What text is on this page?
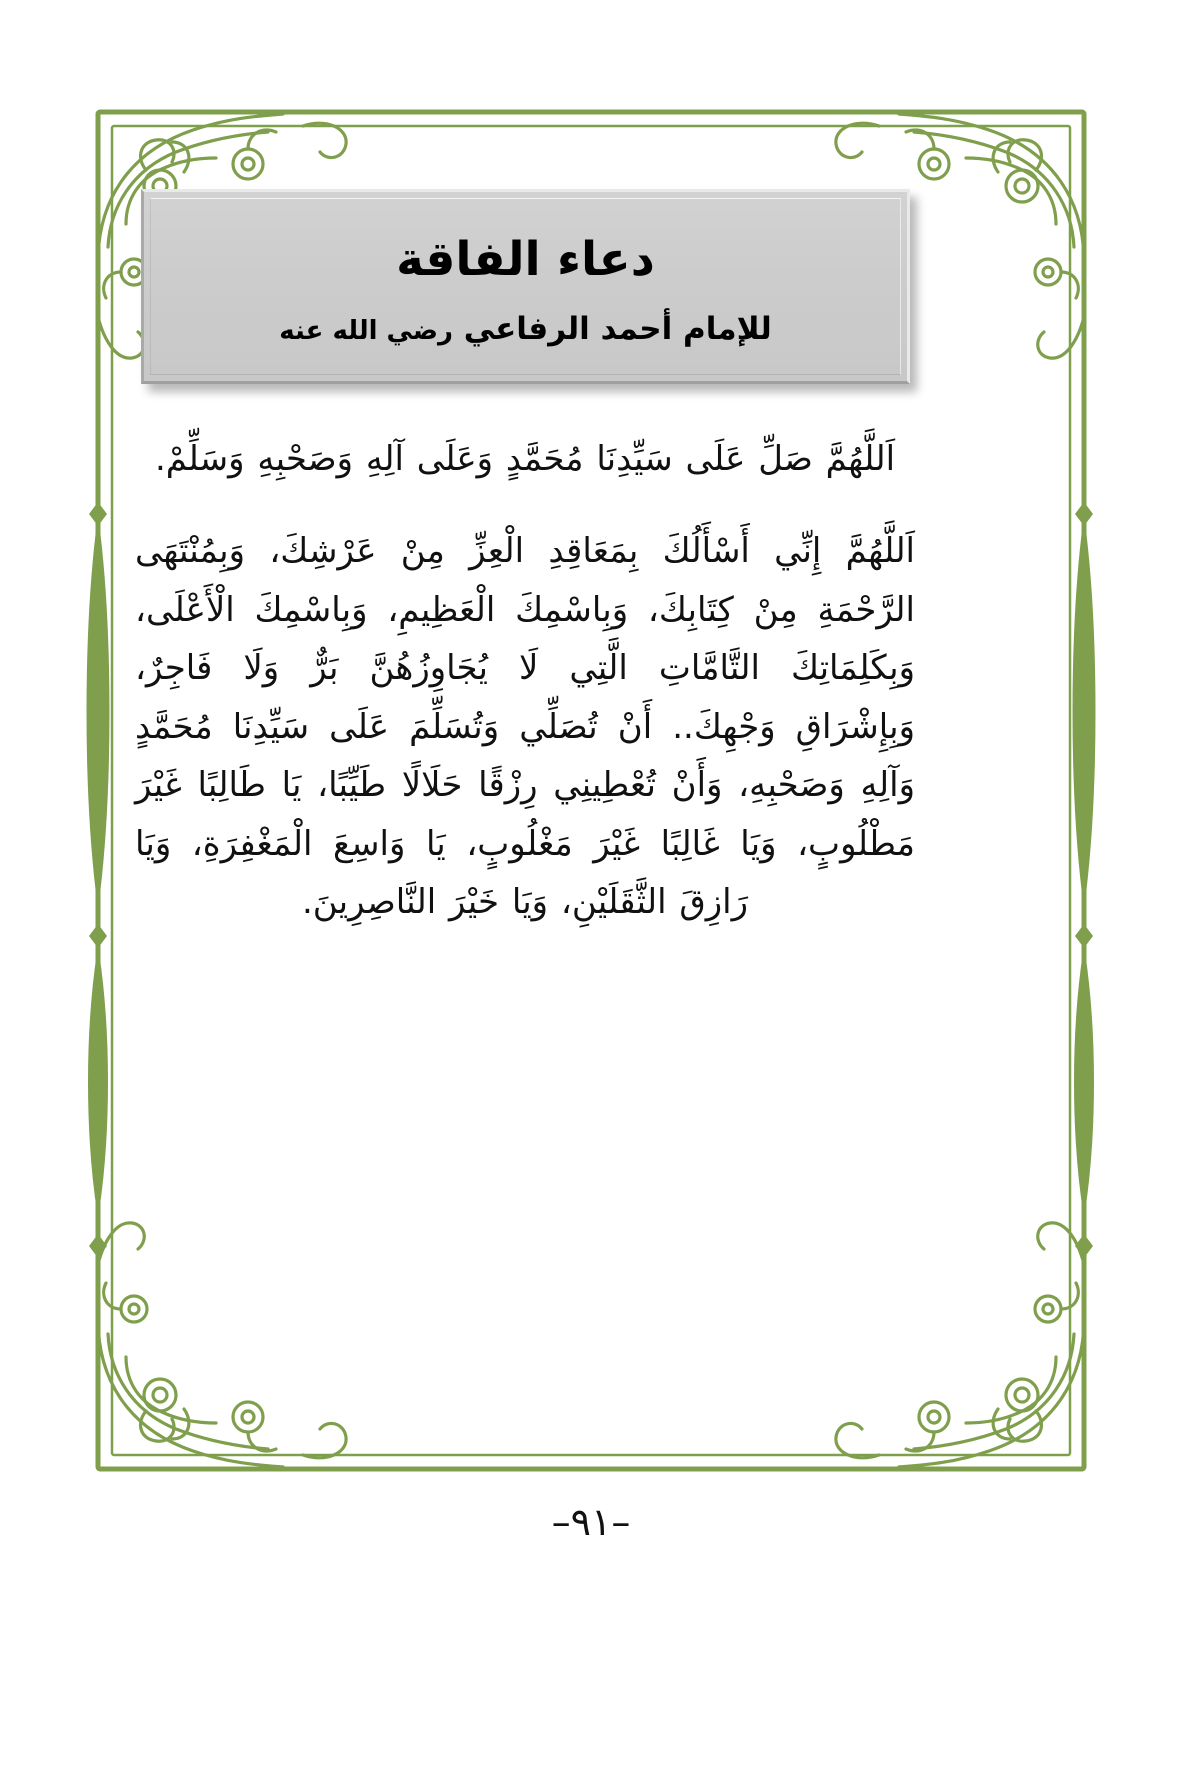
دعاء الفاقة
للإمام أحمد الرفاعي رضي الله عنه

اَللَّهُمَّ صَلِّ عَلَى سَيِّدِنَا مُحَمَّدٍ وَعَلَى آلِهِ وَصَحْبِهِ وَسَلِّمْ.

اَللَّهُمَّ إِنِّي أَسْأَلُكَ بِمَعَاقِدِ الْعِزِّ مِنْ عَرْشِكَ، وَبِمُنْتَهَى الرَّحْمَةِ مِنْ كِتَابِكَ، وَبِاسْمِكَ الْعَظِيمِ، وَبِاسْمِكَ الْأَعْلَى، وَبِكَلِمَاتِكَ التَّامَّاتِ الَّتِي لَا يُجَاوِزُهُنَّ بَرٌّ وَلَا فَاجِرٌ، وَبِإِشْرَاقِ وَجْهِكَ.. أَنْ تُصَلِّي وَتُسَلِّمَ عَلَى سَيِّدِنَا مُحَمَّدٍ وَآلِهِ وَصَحْبِهِ، وَأَنْ تُعْطِينِي رِزْقًا حَلَالًا طَيِّبًا، يَا طَالِبًا غَيْرَ مَطْلُوبٍ، وَيَا غَالِبًا غَيْرَ مَغْلُوبٍ، يَا وَاسِعَ الْمَغْفِرَةِ، وَيَا رَازِقَ الثَّقَلَيْنِ، وَيَا خَيْرَ النَّاصِرِينَ.

–٩١–
